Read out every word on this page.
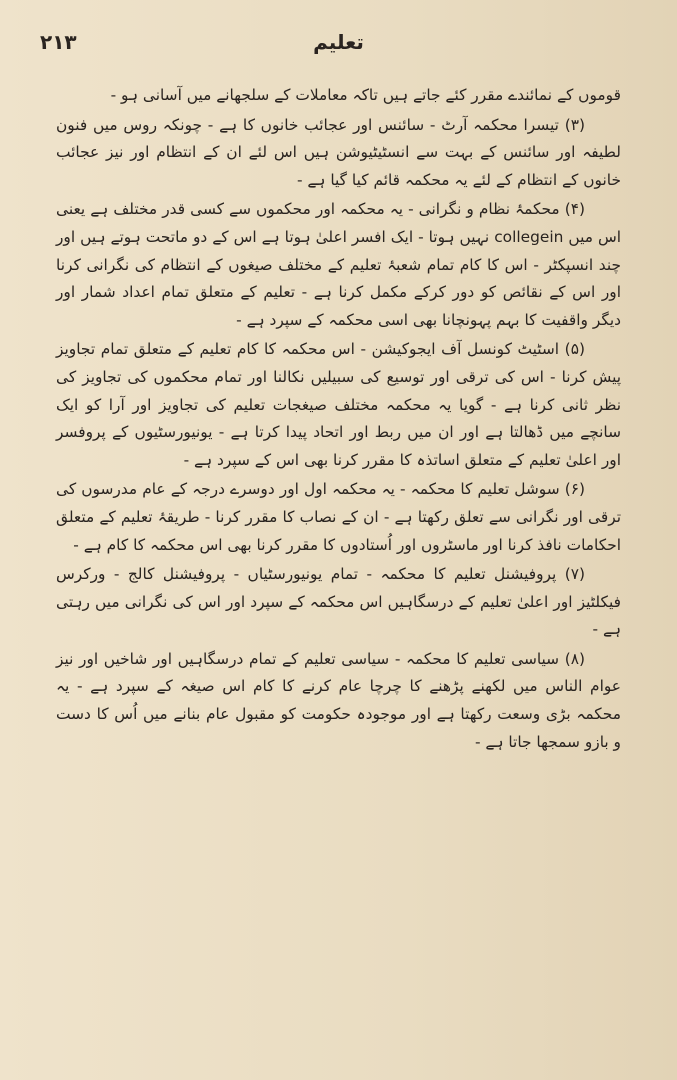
٢١٣	تعلیم

قوموں کے نمائندے مقرر کئے جاتے ہیں تاکہ معاملات کے سلجھانے میں آسانی ہو -

(۳) تیسرا محکمہ آرٹ - سائنس اور عجائب خانوں کا ہے - چونکہ روس میں فنون لطیفہ اور سائنس کے بہت سے انسٹیٹیوشن ہیں اس لئے ان کے انتظام اور نیز عجائب خانوں کے انتظام کے لئے یہ محکمہ قائم کیا گیا ہے -

(۴) محکمۂ نظام و نگرانی - یہ محکمہ اور محکموں سے کسی قدر مختلف ہے یعنی اس میں collegein نہیں ہوتا - ایک افسر اعلیٰ ہوتا ہے اس کے دو ماتحت ہوتے ہیں اور چند انسپکٹر - اس کا کام تمام شعبۂ تعلیم کے مختلف صیغوں کے انتظام کی نگرانی کرنا اور اس کے نقائص کو دور کرکے مکمل کرنا ہے - تعلیم کے متعلق تمام اعداد شمار اور دیگر واقفیت کا بہم پہونچانا بھی اسی محکمہ کے سپرد ہے -

(۵) اسٹیٹ کونسل آف ایجوکیشن - اس محکمہ کا کام تعلیم کے متعلق تمام تجاویز پیش کرنا - اس کی ترقی اور توسیع کی سبیلیں نکالنا اور تمام محکموں کی تجاویز کی نظر ثانی کرنا ہے - گویا یہ محکمہ مختلف صیغجات تعلیم کی تجاویز اور آرا کو ایک سانچے میں ڈھالتا ہے اور ان میں ربط اور اتحاد پیدا کرتا ہے - یونیورسٹیوں کے پروفسر اور اعلیٰ تعلیم کے متعلق اساتذہ کا مقرر کرنا بھی اس کے سپرد ہے -

(۶) سوشل تعلیم کا محکمہ - یہ محکمہ اول اور دوسرے درجہ کے عام مدرسوں کی ترقی اور نگرانی سے تعلق رکھتا ہے - ان کے نصاب کا مقرر کرنا - طریقۂ تعلیم کے متعلق احکامات نافذ کرنا اور ماسٹروں اور اُستادوں کا مقرر کرنا بھی اس محکمہ کا کام ہے -

(۷) پروفیشنل تعلیم کا محکمہ - تمام یونیورسٹیاں - پروفیشنل کالج - ورکرس فیکلٹیز اور اعلیٰ تعلیم کے درسگاہیں اس محکمہ کے سپرد اور اس کی نگرانی میں رہتی ہے -

(۸) سیاسی تعلیم کا محکمہ - سیاسی تعلیم کے تمام درسگاہیں اور شاخیں اور نیز عوام الناس میں لکھنے پڑھنے کا چرچا عام کرنے کا کام اس صیغہ کے سپرد ہے - یہ محکمہ بڑی وسعت رکھتا ہے اور موجودہ حکومت کو مقبول عام بنانے میں اُس کا دست و بازو سمجھا جاتا ہے -
